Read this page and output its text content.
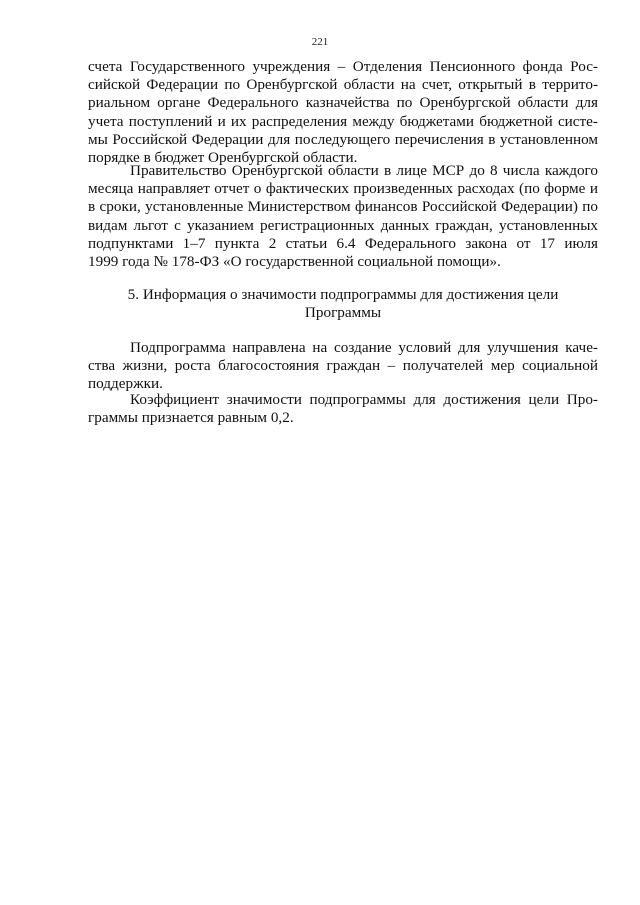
221
счета Государственного учреждения – Отделения Пенсионного фонда Рос-
сийской Федерации по Оренбургской области на счет, открытый в террито-
риальном органе Федерального казначейства по Оренбургской области для
учета поступлений и их распределения между бюджетами бюджетной систе-
мы Российской Федерации для последующего перечисления в установленном
порядке в бюджет Оренбургской области.
Правительство Оренбургской области в лице МСР до 8 числа каждого
месяца направляет отчет о фактических произведенных расходах (по форме и
в сроки, установленные Министерством финансов Российской Федерации) по
видам льгот с указанием регистрационных данных граждан, установленных
подпунктами 1–7 пункта 2 статьи 6.4 Федерального закона от 17 июля
1999 года № 178-ФЗ «О государственной социальной помощи».
5. Информация о значимости подпрограммы для достижения цели
Программы
Подпрограмма направлена на создание условий для улучшения каче-
ства жизни, роста благосостояния граждан – получателей мер социальной
поддержки.
Коэффициент значимости подпрограммы для достижения цели Про-
граммы признается равным 0,2.
